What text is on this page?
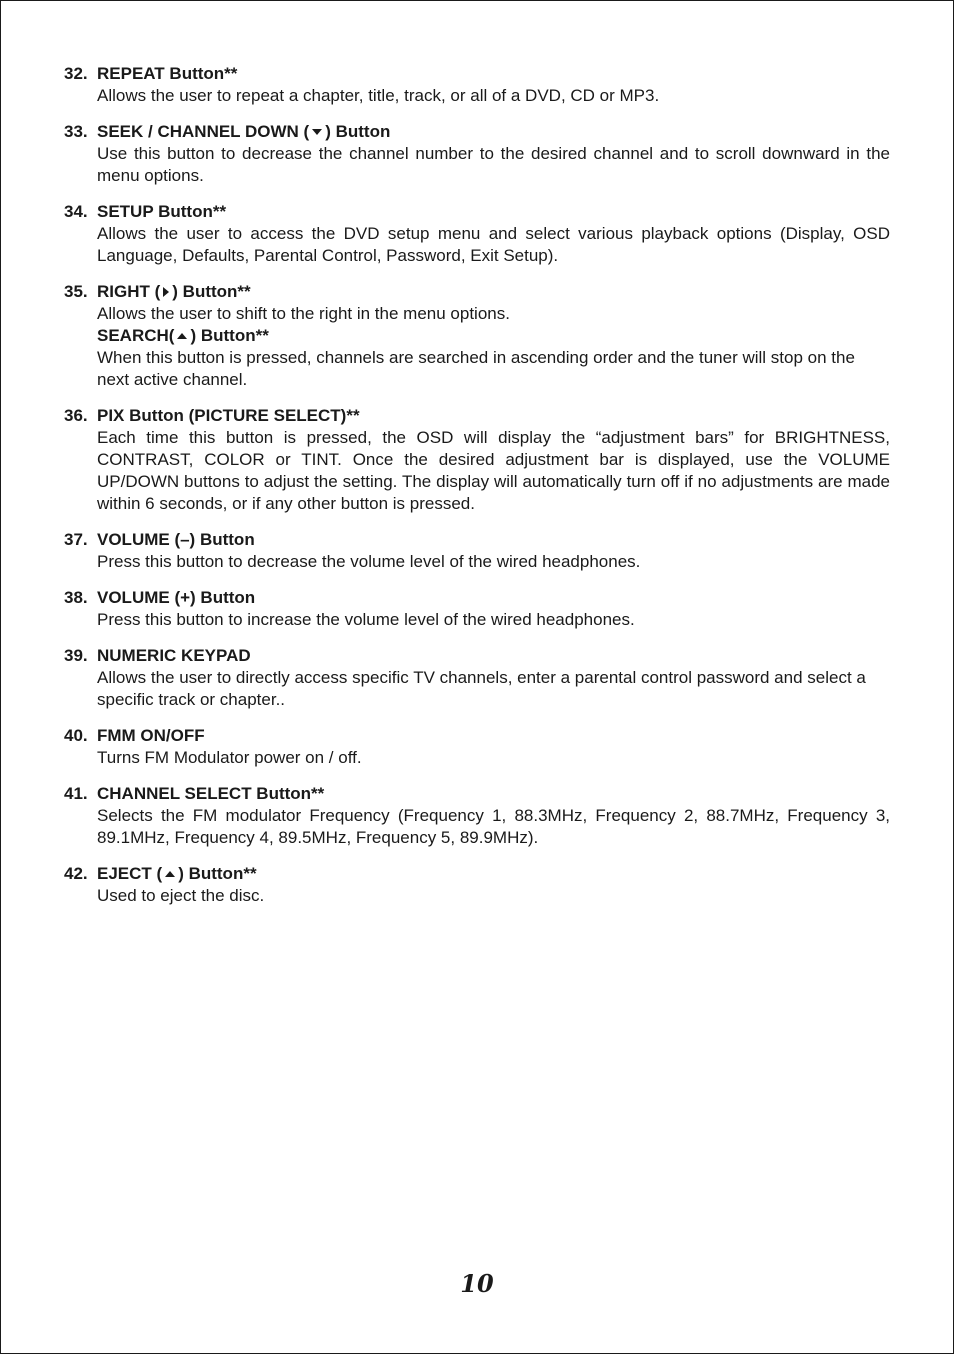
32. REPEAT Button**
Allows the user to repeat a chapter, title, track, or all of a DVD, CD or MP3.
33. SEEK / CHANNEL DOWN ( ) Button
Use this button to decrease the channel number to the desired channel and to scroll downward in the menu options.
34. SETUP Button**
Allows the user to access the DVD setup menu and select various playback options (Display, OSD Language, Defaults, Parental Control, Password, Exit Setup).
35. RIGHT ( ) Button**
Allows the user to shift to the right in the menu options.
SEARCH( ) Button**
When this button is pressed, channels are searched in ascending order and the tuner will stop on the next active channel.
36. PIX Button (PICTURE SELECT)**
Each time this button is pressed, the OSD will display the “adjustment bars” for BRIGHTNESS, CONTRAST, COLOR or TINT. Once the desired adjustment bar is displayed, use the VOLUME UP/DOWN buttons to adjust the setting. The display will automatically turn off if no adjustments are made within 6 seconds, or if any other button is pressed.
37. VOLUME (–) Button
Press this button to decrease the volume level of the wired headphones.
38. VOLUME (+) Button
Press this button to increase the volume level of the wired headphones.
39. NUMERIC KEYPAD
Allows the user to directly access specific TV channels, enter a parental control password and select a specific track or chapter..
40. FMM ON/OFF
Turns FM Modulator power on / off.
41. CHANNEL SELECT Button**
Selects the FM modulator Frequency (Frequency 1, 88.3MHz, Frequency 2, 88.7MHz, Frequency 3, 89.1MHz, Frequency 4, 89.5MHz, Frequency 5, 89.9MHz).
42. EJECT ( ) Button**
Used to eject the disc.
10
